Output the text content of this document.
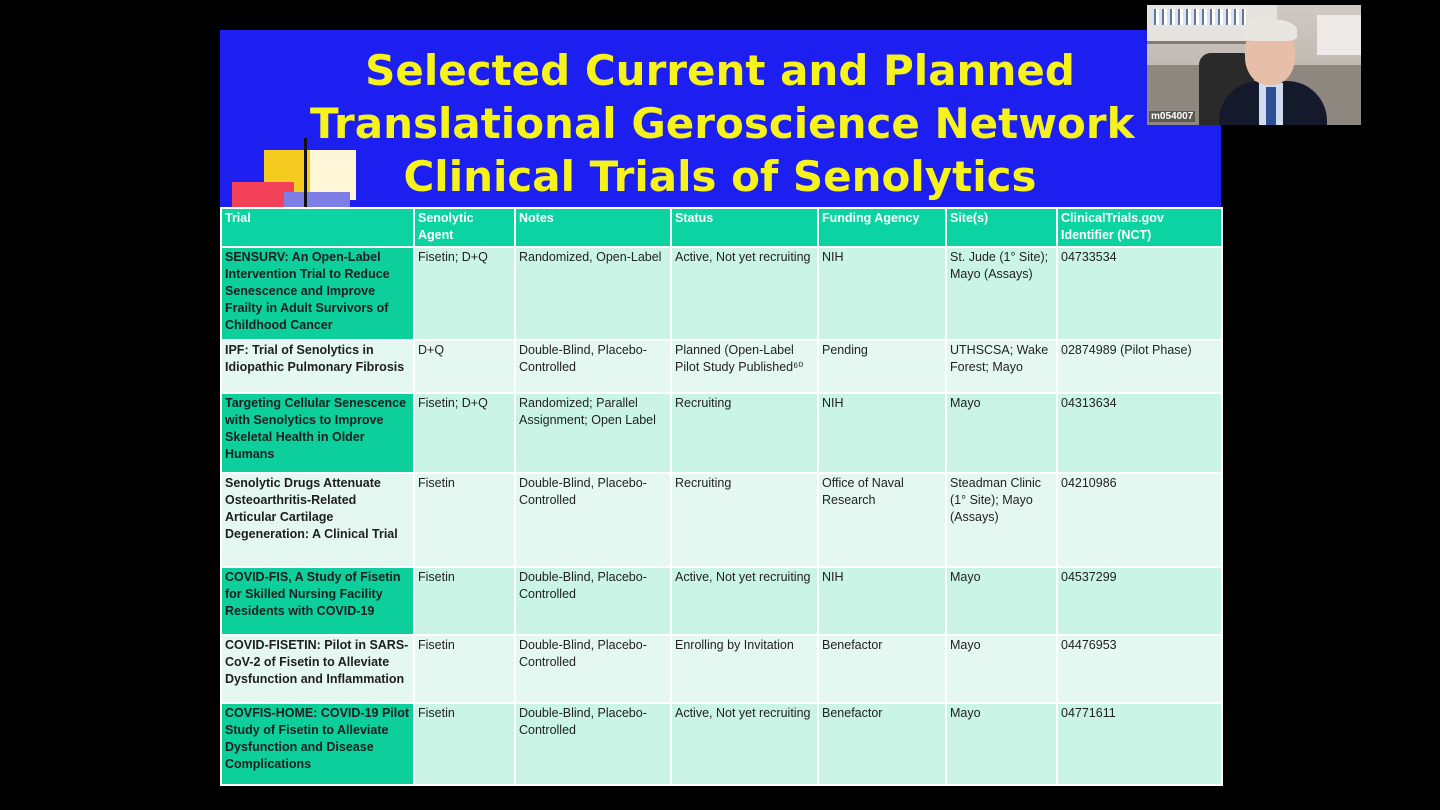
Selected Current and Planned
Translational Geroscience Network
Clinical Trials of Senolytics
Trial	Senolytic Agent	Notes	Status	Funding Agency	Site(s)	ClinicalTrials.gov Identifier (NCT)
SENSURV: An Open-Label Intervention Trial to Reduce Senescence and Improve Frailty in Adult Survivors of Childhood Cancer	Fisetin; D+Q	Randomized, Open-Label	Active, Not yet recruiting	NIH	St. Jude (1° Site); Mayo (Assays)	04733534
IPF: Trial of Senolytics in Idiopathic Pulmonary Fibrosis	D+Q	Double-Blind, Placebo-Controlled	Planned (Open-Label Pilot Study Published⁶⁰	Pending	UTHSCSA; Wake Forest; Mayo	02874989 (Pilot Phase)
Targeting Cellular Senescence with Senolytics to Improve Skeletal Health in Older Humans	Fisetin; D+Q	Randomized; Parallel Assignment; Open Label	Recruiting	NIH	Mayo	04313634
Senolytic Drugs Attenuate Osteoarthritis-Related Articular Cartilage Degeneration: A Clinical Trial	Fisetin	Double-Blind, Placebo-Controlled	Recruiting	Office of Naval Research	Steadman Clinic (1° Site); Mayo (Assays)	04210986
COVID-FIS, A Study of Fisetin for Skilled Nursing Facility Residents with COVID-19	Fisetin	Double-Blind, Placebo-Controlled	Active, Not yet recruiting	NIH	Mayo	04537299
COVID-FISETIN: Pilot in SARS-CoV-2 of Fisetin to Alleviate Dysfunction and Inflammation	Fisetin	Double-Blind, Placebo-Controlled	Enrolling by Invitation	Benefactor	Mayo	04476953
COVFIS-HOME: COVID-19 Pilot Study of Fisetin to Alleviate Dysfunction and Disease Complications	Fisetin	Double-Blind, Placebo-Controlled	Active, Not yet recruiting	Benefactor	Mayo	04771611
m054007
